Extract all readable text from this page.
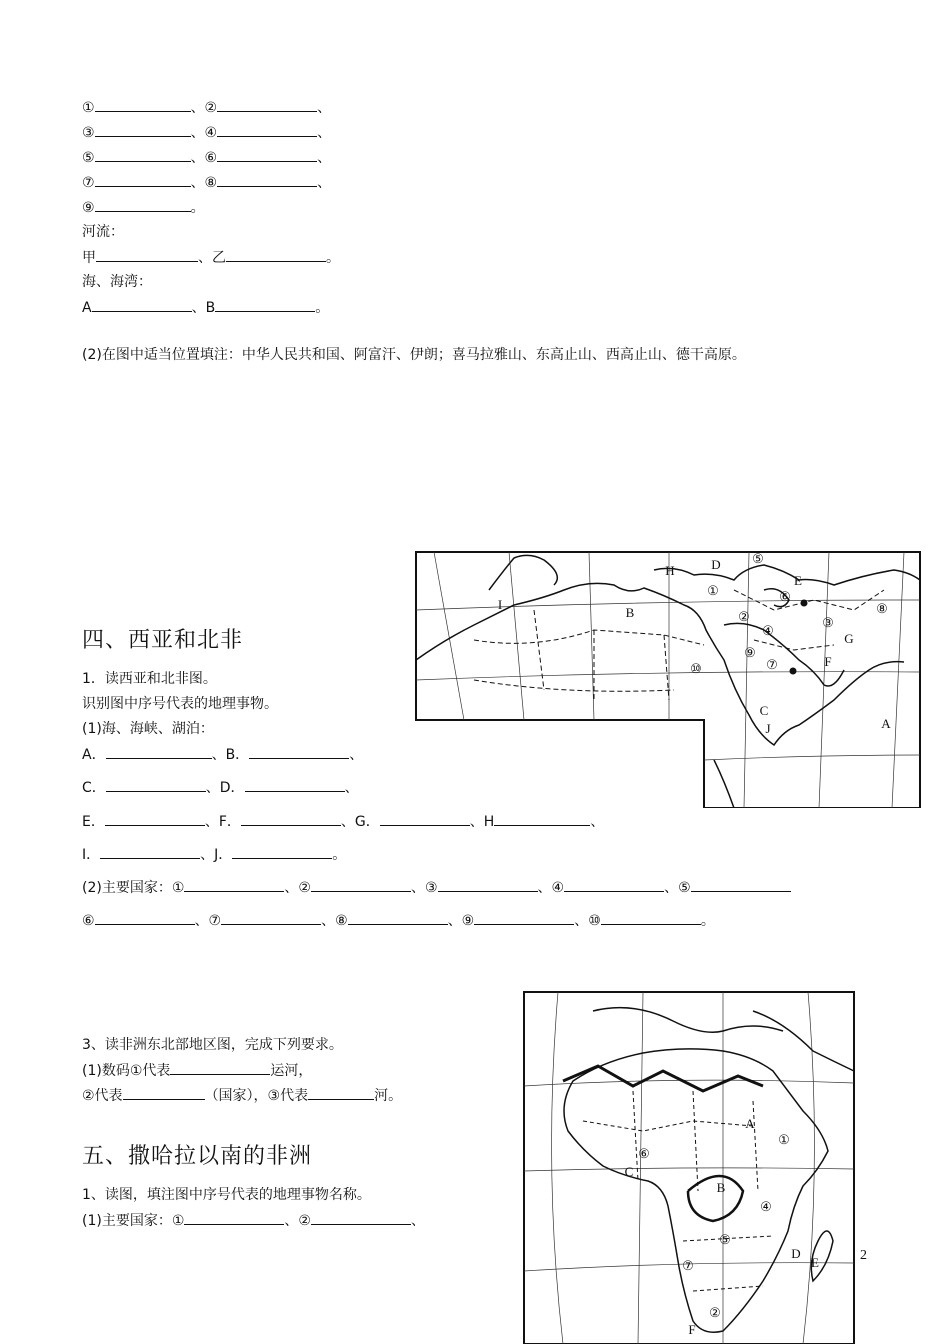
①	、②	、
③	、④	、
⑤	、⑥	、
⑦	、⑧	、
⑨	。
河流：
甲	、乙	。
海、海湾：
A	、B	。
(2)在图中适当位置填注：中华人民共和国、阿富汗、伊朗；喜马拉雅山、东高止山、西高止山、德干高原。
A
B
C
D
E
F
G
H
I
J
①
②	③
④
⑤
⑥
⑦
⑧
⑨
⑩
四、西亚和北非
1．读西亚和北非图。
识别图中序号代表的地理事物。
(1)海、海峡、湖泊：
A．	、B．	、
C．	、D．	、
E．	、F．	、G．	、H	、
I．	、J．	。
(2)主要国家：①	、②	、③	、④	、⑤
⑥	、⑦	、⑧	、⑨	、⑩	。
A
B
C
D
E
F
①
②
④
⑤
⑥
⑦
3、读非洲东北部地区图，完成下列要求。
(1)数码①代表	运河，
②代表	（国家），③代表	河。
五、撒哈拉以南的非洲
1、读图，填注图中序号代表的地理事物名称。
(1)主要国家：①	、②	、
2
